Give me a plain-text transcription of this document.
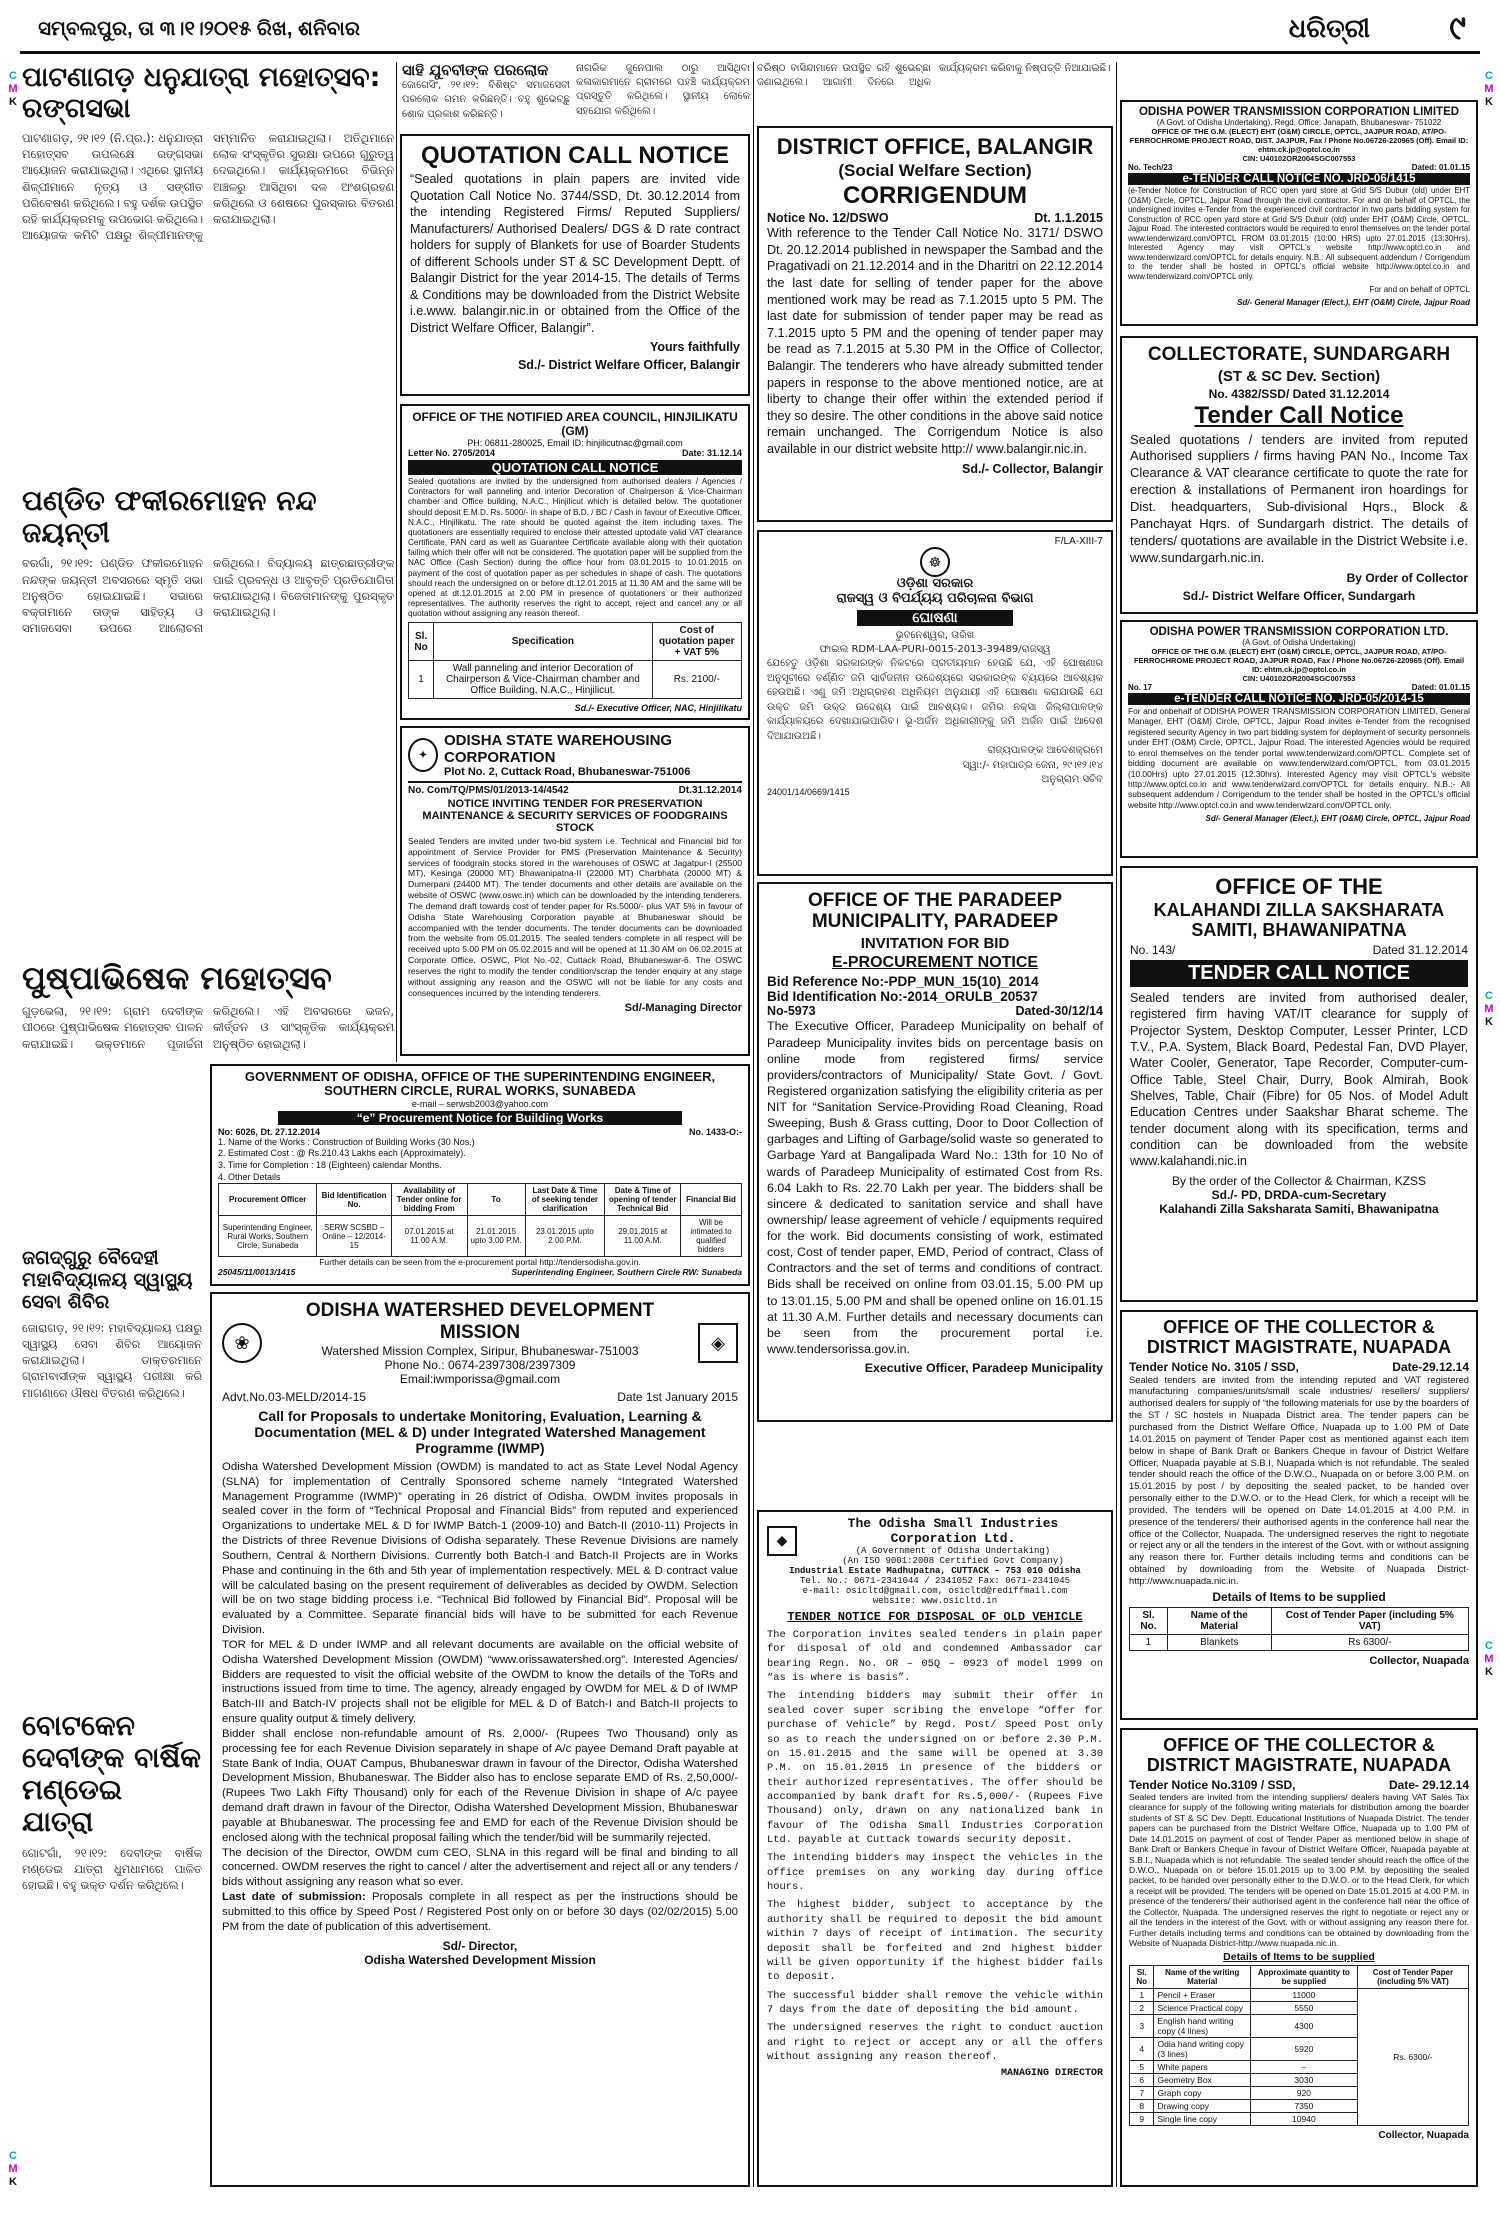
ସମ୍ବଲପୁର, ତା ୩।୧।୨୦୧୫ ରିଖ, ଶନିବାର	ଧରିତ୍ରୀ ୯
C
M
K
C
M
K
C
M
K
C
M
K
C
M
K
ପାଟଣାଗଡ଼ ଧନୁଯାତ୍ରା ମହୋତ୍ସବ: ରଙ୍ଗସଭା
ପାଟଣାଗଡ଼, ୨୧।୧୨ (ନି.ପ୍ର.): ଧନୁଯାତ୍ରା ମହୋତ୍ସବ ଉପଲକ୍ଷେ ରଙ୍ଗସଭା ଆୟୋଜନ କରାଯାଇଥିଲା। ଏଥିରେ ସ୍ଥାନୀୟ ଶିଳ୍ପୀମାନେ ନୃତ୍ୟ ଓ ସଙ୍ଗୀତ ପରିବେଷଣ କରିଥିଲେ। ବହୁ ଦର୍ଶକ ଉପସ୍ଥିତ ରହି କାର୍ଯ୍ୟକ୍ରମକୁ ଉପଭୋଗ କରିଥିଲେ। ଆୟୋଜକ କମିଟି ପକ୍ଷରୁ ଶିଳ୍ପୀମାନଙ୍କୁ ସମ୍ମାନିତ କରାଯାଇଥିଲା। ଅତିଥିମାନେ ଲୋକ ସଂସ୍କୃତିର ସୁରକ୍ଷା ଉପରେ ଗୁରୁତ୍ୱ ଦେଇଥିଲେ। କାର୍ଯ୍ୟକ୍ରମରେ ବିଭିନ୍ନ ଅଞ୍ଚଳରୁ ଆସିଥିବା ଦଳ ଅଂଶଗ୍ରହଣ କରିଥିଲେ ଓ ଶେଷରେ ପୁରସ୍କାର ବିତରଣ କରାଯାଇଥିଲା।
ପଣ୍ଡିତ ଫକୀରମୋହନ ନନ୍ଦ ଜୟନ୍ତୀ
ବରଗାଁ, ୨୧।୧୨: ପଣ୍ଡିତ ଫକୀରମୋହନ ନନ୍ଦଙ୍କ ଜୟନ୍ତୀ ଅବସରରେ ସ୍ମୃତି ସଭା ଅନୁଷ୍ଠିତ ହୋଇଯାଇଛି। ସଭାରେ ବକ୍ତାମାନେ ତାଙ୍କ ସାହିତ୍ୟ ଓ ସମାଜସେବା ଉପରେ ଆଲୋଚନା କରିଥିଲେ। ବିଦ୍ୟାଳୟ ଛାତ୍ରଛାତ୍ରୀଙ୍କ ପାଇଁ ପ୍ରବନ୍ଧ ଓ ଆବୃତ୍ତି ପ୍ରତିଯୋଗିତା କରାଯାଇଥିଲା। ବିଜେତାମାନଙ୍କୁ ପୁରସ୍କୃତ କରାଯାଇଥିଲା।
ପୁଷ୍ପାଭିଷେକ ମହୋତ୍ସବ
ଗୁଡ଼ଭେଲା, ୨୧।୧୨: ଗ୍ରାମ ଦେବୀଙ୍କ ପୀଠରେ ପୁଷ୍ପାଭିଷେକ ମହୋତ୍ସବ ପାଳନ କରାଯାଇଛି। ଭକ୍ତମାନେ ପୂଜାର୍ଚ୍ଚନା କରିଥିଲେ। ଏହି ଅବସରରେ ଭଜନ, କୀର୍ତ୍ତନ ଓ ସାଂସ୍କୃତିକ କାର୍ଯ୍ୟକ୍ରମ ଅନୁଷ୍ଠିତ ହୋଇଥିଲା।
ଜଗଦ୍ଗୁରୁ ବୈଦେହୀ ମହାବିଦ୍ୟାଳୟ ସ୍ୱାସ୍ଥ୍ୟ ସେବା ଶିବିର
ଜୋରାଗଡ଼, ୨୧।୧୨: ମହାବିଦ୍ୟାଳୟ ପକ୍ଷରୁ ସ୍ୱାସ୍ଥ୍ୟ ସେବା ଶିବିର ଆୟୋଜନ କରାଯାଇଥିଲା। ଡାକ୍ତରମାନେ ଗ୍ରାମବାସୀଙ୍କ ସ୍ୱାସ୍ଥ୍ୟ ପରୀକ୍ଷା କରି ମାଗଣାରେ ଔଷଧ ବିତରଣ କରିଥିଲେ।
ବୋଟକେନ ଦେବୀଙ୍କ ବାର୍ଷିକ ମଣ୍ଡେଇ ଯାତ୍ରା
ଗୋଟଗାଁ, ୨୧।୧୨: ଦେବୀଙ୍କ ବାର୍ଷିକ ମଣ୍ଡେଇ ଯାତ୍ରା ଧୁମଧାମରେ ପାଳିତ ହୋଇଛି। ବହୁ ଭକ୍ତ ଦର୍ଶନ କରିଥିଲେ।
ସାହି ଯୁବବୀଙ୍କ ପରଲୋକ
ଜୋଗେସିଂ, ୨୧।୧୨: ବିଶିଷ୍ଟ ସମାଜସେବୀ ପରଲୋକ ଗମନ କରିଛନ୍ତି। ବହୁ ଶୁଭେଚ୍ଛୁ ଶୋକ ପ୍ରକାଶ କରିଛନ୍ତି।
ନାଗରିକ ଜୁନେପାଲ ଠାରୁ ଆସିଥିବା କଳାକାରମାନେ ଗ୍ରାମରେ ପହଞ୍ଚି କାର୍ଯ୍ୟକ୍ରମ ପ୍ରସ୍ତୁତି କରିଥିଲେ। ସ୍ଥାନୀୟ ଲୋକେ ସହଯୋଗ କରିଥିଲେ।
ବରିଷ୍ଠ ବାସିନ୍ଦାମାନେ ଉପସ୍ଥିତ ରହି ଶୁଭେଚ୍ଛା ଜଣାଇଥିଲେ। ଆଗାମୀ ଦିନରେ ଅଧିକ କାର୍ଯ୍ୟକ୍ରମ କରିବାକୁ ନିଷ୍ପତ୍ତି ନିଆଯାଇଛି।
QUOTATION CALL NOTICE

“Sealed quotations in plain papers are invited vide Quotation Call Notice No. 3744/SSD, Dt. 30.12.2014 from the intending Registered Firms/ Reputed Suppliers/ Manufacturers/ Authorised Dealers/ DGS & D rate contract holders for supply of Blankets for use of Boarder Students of different Schools under ST & SC Development Deptt. of Balangir District for the year 2014-15. The details of Terms & Conditions may be downloaded from the District Website i.e.www. balangir.nic.in or obtained from the Office of the District Welfare Officer, Balangir”.

Yours faithfully
Sd./- District Welfare Officer, Balangir
OFFICE OF THE NOTIFIED AREA COUNCIL, HINJILIKATU (GM)
PH: 06811-280025, Email ID: hinjilicutnac@gmail.com
Letter No. 2705/2014	Date: 31.12.14
QUOTATION CALL NOTICE
Sealed quotations are invited by the undersigned from authorised dealers / Agencies / Contractors for wall panneling and interior Decoration of Chairperson & Vice-Chairman chamber and Office building, N.A.C., Hinjilicut which is detailed below. The quotationer should deposit E.M.D. Rs. 5000/- in shape of B.D. / BC / Cash in favour of Executive Officer, N.A.C., Hinjilikatu. The rate should be quoted against the item including taxes. The quotationers are essentially required to enclose their attested uptodate valid VAT clearance Certificate, PAN card as well as Guarantee Certificate available along with their quotation failing which their offer will not be considered. The quotation paper will be supplied from the NAC Office (Cash Section) during the office hour from 03.01.2015 to 10.01.2015 on payment of the cost of quotation paper as per schedules in shape of cash. The quotations should reach the undersigned on or before dt.12.01.2015 at 11.30 AM and the same will be opened at dt.12.01.2015 at 2.00 PM in presence of quotationers or their authorized representatives. The authority reserves the right to accept, reject and cancel any or all quotation without assigning any reason thereof.
Sl. No	Specification	Cost of quotation paper + VAT 5%
1	Wall panneling and interior Decoration of Chairperson & Vice-Chairman chamber and Office Building, N.A.C., Hinjilicut.	Rs. 2100/-
Sd./- Executive Officer, NAC, Hinjilikatu
✦
ODISHA STATE WAREHOUSING CORPORATION
Plot No. 2, Cuttack Road, Bhubaneswar-751006
No. Com/TQ/PMS/01/2013-14/4542	Dt.31.12.2014
NOTICE INVITING TENDER FOR PRESERVATION MAINTENANCE & SECURITY SERVICES OF FOODGRAINS STOCK
Sealed Tenders are invited under two-bid system i.e. Technical and Financial bid for appointment of Service Provider for PMS (Preservation Maintenance & Security) services of foodgrain stocks stored in the warehouses of OSWC at Jagatpur-I (25500 MT), Kesinga (20000 MT) Bhawanipatna-II (22000 MT) Charbhata (20000 MT) & Dumerpani (24400 MT). The tender documents and other details are available on the website of OSWC (www.oswc.in) which can be downloaded by the intending tenderers. The demand draft towards cost of tender paper for Rs.5000/- plus VAT 5% in favour of Odisha State Warehousing Corporation payable at Bhubaneswar should be accompanied with the tender documents. The tender documents can be downloaded from the website from 05.01.2015. The sealed tenders complete in all respect will be received upto 5.00 PM on 05.02.2015 and will be opened at 11.30 AM on 06.02.2015 at Corporate Office, OSWC, Plot No.-02, Cuttack Road, Bhubaneswar-6. The OSWC reserves the right to modify the tender condition/scrap the tender enquiry at any stage without assigning any reason and the OSWC will not be liable for any costs and consequences incurred by the intending tenderers.
Sd/-Managing Director
GOVERNMENT OF ODISHA, OFFICE OF THE SUPERINTENDING ENGINEER, SOUTHERN CIRCLE, RURAL WORKS, SUNABEDA
e-mail – serwsb2003@yahoo.com
“e” Procurement Notice for Building Works
No: 6026, Dt. 27.12.2014	No. 1433-O:-
1. Name of the Works : Construction of Building Works (30 Nos.)
2. Estimated Cost : @ Rs.210.43 Lakhs each (Approximately).
3. Time for Completion : 18 (Eighteen) calendar Months.
4. Other Details
Procurement Officer	Bid Identification No.	Availability of Tender online for bidding From	To	Last Date & Time of seeking tender clarification	Date & Time of opening of tender Technical Bid	Financial Bid
Superintending Engineer, Rural Works, Southern Circle, Sunabeda	SERW SCSBD – Online – 12/2014-15	07.01.2015 at 11.00 A.M.	21.01.2015 upto 3.00 P.M.	23.01.2015 upto 2.00 P.M.	29.01.2015 at 11.00 A.M.	Will be intimated to qualified bidders
Further details can be seen from the e-procurement portal http://tendersodisha.gov.in.
25045/11/0013/1415	Superintending Engineer, Southern Circle RW: Sunabeda
❀
ODISHA WATERSHED DEVELOPMENT MISSION
Watershed Mission Complex, Siripur, Bhubaneswar-751003
Phone No.: 0674-2397308/2397309
Email:iwmporissa@gmail.com
◈
Advt.No.03-MELD/2014-15	Date 1st January 2015
Call for Proposals to undertake Monitoring, Evaluation, Learning & Documentation (MEL & D) under Integrated Watershed Management Programme (IWMP)

Odisha Watershed Development Mission (OWDM) is mandated to act as State Level Nodal Agency (SLNA) for implementation of Centrally Sponsored scheme namely “Integrated Watershed Management Programme (IWMP)” operating in 26 district of Odisha. OWDM invites proposals in sealed cover in the form of “Technical Proposal and Financial Bids” from reputed and experienced Organizations to undertake MEL & D for IWMP Batch-1 (2009-10) and Batch-II (2010-11) Projects in the Districts of three Revenue Divisions of Odisha separately. These Revenue Divisions are namely Southern, Central & Northern Divisions. Currently both Batch-I and Batch-II Projects are in Works Phase and continuing in the 6th and 5th year of implementation respectively. MEL & D contract value will be calculated basing on the present requirement of deliverables as decided by OWDM. Selection will be on two stage bidding process i.e. “Technical Bid followed by Financial Bid”. Proposal will be evaluated by a Committee. Separate financial bids will have to be submitted for each Revenue Division.

TOR for MEL & D under IWMP and all relevant documents are available on the official website of Odisha Watershed Development Mission (OWDM) “www.orissawatershed.org”. Interested Agencies/ Bidders are requested to visit the official website of the OWDM to know the details of the ToRs and instructions issued from time to time. The agency, already engaged by OWDM for MEL & D of IWMP Batch-III and Batch-IV projects shall not be eligible for MEL & D of Batch-I and Batch-II projects to ensure quality output & timely delivery.

Bidder shall enclose non-refundable amount of Rs. 2,000/- (Rupees Two Thousand) only as processing fee for each Revenue Division separately in shape of A/c payee Demand Draft payable at State Bank of India, OUAT Campus, Bhubaneswar drawn in favour of the Director, Odisha Watershed Development Mission, Bhubaneswar. The Bidder also has to enclose separate EMD of Rs. 2,50,000/- (Rupees Two Lakh Fifty Thousand) only for each of the Revenue Division in shape of A/c payee demand draft drawn in favour of the Director, Odisha Watershed Development Mission, Bhubaneswar payable at Bhubaneswar. The processing fee and EMD for each of the Revenue Division should be enclosed along with the technical proposal failing which the tender/bid will be summarily rejected.

The decision of the Director, OWDM cum CEO, SLNA in this regard will be final and binding to all concerned. OWDM reserves the right to cancel / alter the advertisement and reject all or any tenders / bids without assigning any reason what so ever.

Last date of submission: Proposals complete in all respect as per the instructions should be submitted to this office by Speed Post / Registered Post only on or before 30 days (02/02/2015) 5.00 PM from the date of publication of this advertisement.

Sd/- Director,
Odisha Watershed Development Mission
DISTRICT OFFICE, BALANGIR
(Social Welfare Section)
CORRIGENDUM
Notice No. 12/DSWO	Dt. 1.1.2015

With reference to the Tender Call Notice No. 3171/ DSWO Dt. 20.12.2014 published in newspaper the Sambad and the Pragativadi on 21.12.2014 and in the Dharitri on 22.12.2014 the last date for selling of tender paper for the above mentioned work may be read as 7.1.2015 upto 5 PM. The last date for submission of tender paper may be read as 7.1.2015 upto 5 PM and the opening of tender paper may be read as 7.1.2015 at 5.30 PM in the Office of Collector, Balangir. The tenderers who have already submitted tender papers in response to the above mentioned notice, are at liberty to change their offer within the extended period if they so desire. The other conditions in the above said notice remain unchanged. The Corrigendum Notice is also available in our district website http:// www.balangir.nic.in.

Sd./- Collector, Balangir
F/LA-XIII-7
☸
ଓଡ଼ିଶା ସରକାର
ରାଜସ୍ୱ ଓ ବିପର୍ଯ୍ୟୟ ପରିଚାଳନା ବିଭାଗ
ଘୋଷଣା
ଭୁବନେଶ୍ୱର, ତାରିଖ
ଫାଇଲ RDM-LAA-PURI-0015-2013-39489/ରାଜସ୍ୱ
ଯେହେତୁ ଓଡ଼ିଶା ସରକାରଙ୍କ ନିକଟରେ ପ୍ରତୀୟମାନ ହେଉଛି ଯେ, ଏହି ଘୋଷଣାର ଅନୁସୂଚୀରେ ବର୍ଣ୍ଣିତ ଜମି ସାର୍ବଜନୀନ ଉଦ୍ଦେଶ୍ୟରେ ସରକାରଙ୍କ ବ୍ୟୟରେ ଆବଶ୍ୟକ ହେଉଅଛି। ଏଣୁ ଜମି ଅଧିଗ୍ରହଣ ଅଧିନିୟମ ଅନୁଯାୟୀ ଏହି ଘୋଷଣା କରାଯାଉଛି ଯେ ଉକ୍ତ ଜମି ଉକ୍ତ ଉଦ୍ଦେଶ୍ୟ ପାଇଁ ଆବଶ୍ୟକ। ଜମିର ନକ୍ସା ଜିଲ୍ଲାପାଳଙ୍କ କାର୍ଯ୍ୟାଳୟରେ ଦେଖାଯାଇପାରିବ। ଭୂ-ଅର୍ଜନ ଅଧିକାରୀଙ୍କୁ ଜମି ଅର୍ଜନ ପାଇଁ ଆଦେଶ ଦିଆଯାଉଅଛି।
ରାଜ୍ୟପାଳଙ୍କ ଆଦେଶକ୍ରମେ
ସ୍ୱା:/- ମହାପାତ୍ର ଜେନା, ୨୯।୧୨।୧୪
ଅନୁଗ୍ରାମ ସଚିବ
24001/14/0669/1415
OFFICE OF THE PARADEEP MUNICIPALITY, PARADEEP
INVITATION FOR BID
E-PROCUREMENT NOTICE
Bid Reference No:-PDP_MUN_15(10)_2014
Bid Identification No:-2014_ORULB_20537
No-5973	Dated-30/12/14

The Executive Officer, Paradeep Municipality on behalf of Paradeep Municipality invites bids on percentage basis on online mode from registered firms/ service providers/contractors of Municipality/ State Govt. / Govt. Registered organization satisfying the eligibility criteria as per NIT for “Sanitation Service-Providing Road Cleaning, Road Sweeping, Bush & Grass cutting, Door to Door Collection of garbages and Lifting of Garbage/solid waste so generated to Garbage Yard at Bangalipada Ward No.: 13th for 10 No of wards of Paradeep Municipality of estimated Cost from Rs. 6.04 Lakh to Rs. 22.70 Lakh per year. The bidders shall be sincere & dedicated to sanitation service and shall have ownership/ lease agreement of vehicle / equipments required for the work. Bid documents consisting of work, estimated cost, Cost of tender paper, EMD, Period of contract, Class of Contractors and the set of terms and conditions of contract. Bids shall be received on online from 03.01.15, 5.00 PM up to 13.01.15, 5.00 PM and shall be opened online on 16.01.15 at 11.30 A.M. Further details and necessary documents can be seen from the procurement portal i.e. www.tendersorissa.gov.in.

Executive Officer, Paradeep Municipality
◆
The Odisha Small Industries Corporation Ltd.
(A Government of Odisha Undertaking)
(An ISO 9001:2008 Certified Govt Company)
Industrial Estate Madhupatna, CUTTACK – 753 010 Odisha
Tel. No.: 0671-2341044 / 2341052 Fax: 0671-2341045
e-mail: osicltd@gmail.com, osicltd@rediffmail.com
website: www.osicltd.in
TENDER NOTICE FOR DISPOSAL OF OLD VEHICLE

The Corporation invites sealed tenders in plain paper for disposal of old and condemned Ambassador car bearing Regn. No. OR – 05Q – 0923 of model 1999 on “as is where is basis”.

The intending bidders may submit their offer in sealed cover super scribing the envelope “Offer for purchase of Vehicle” by Regd. Post/ Speed Post only so as to reach the undersigned on or before 2.30 P.M. on 15.01.2015 and the same will be opened at 3.30 P.M. on 15.01.2015 in presence of the bidders or their authorized representatives. The offer should be accompanied by bank draft for Rs.5,000/- (Rupees Five Thousand) only, drawn on any nationalized bank in favour of The Odisha Small Industries Corporation Ltd. payable at Cuttack towards security deposit.

The intending bidders may inspect the vehicles in the office premises on any working day during office hours.

The highest bidder, subject to acceptance by the authority shall be required to deposit the bid amount within 7 days of receipt of intimation. The security deposit shall be forfeited and 2nd highest bidder will be given opportunity if the highest bidder fails to deposit.

The successful bidder shall remove the vehicle within 7 days from the date of depositing the bid amount.

The undersigned reserves the right to conduct auction and right to reject or accept any or all the offers without assigning any reason thereof.

MANAGING DIRECTOR
ODISHA POWER TRANSMISSION CORPORATION LIMITED
(A Govt. of Odisha Undertaking), Regd. Office: Janapath, Bhubaneswar- 751022
OFFICE OF THE G.M. (ELECT) EHT (O&M) CIRCLE, OPTCL, JAJPUR ROAD, AT/PO- FERROCHROME PROJECT ROAD, DIST. JAJPUR, Fax / Phone No.06726-220965 (Off). Email ID: ehtm.ck.jp@optcl.co.in
CIN: U40102OR2004SGC007553
No. Tech/23	Dated: 01.01.15
e-TENDER CALL NOTICE NO. JRD-06/1415
(e-Tender Notice for Construction of RCC open yard store at Grid S/S Dubuir (old) under EHT (O&M) Circle, OPTCL, Jajpur Road through the civil contractor. For and on behalf of OPTCL, the undersigned invites e-Tender from the experienced civil contractor in two parts bidding system for Construction of RCC open yard store at Grid S/S Dubuir (old) under EHT (O&M) Circle, OPTCL, Jajpur Road. The interested contractors would be required to enrol themselves on the tender portal www.tenderwizard.com/OPTCL FROM 03.01.2015 (10:00 HRS) upto 27.01.2015 (13:30Hrs). Interested Agency may visit OPTCL's website http://www.optcl.co.in and www.tenderwizard.com/OPTCL for details enquiry. N.B.: All subsequent addendum / Corrigendum to the tender shall be hosted in OPTCL's official website http://www.optcl.co.in and www.tenderwizard.com/OPTCL only.
For and on behalf of OPTCL
Sd/- General Manager (Elect.), EHT (O&M) Circle, Jajpur Road
COLLECTORATE, SUNDARGARH
(ST & SC Dev. Section)
No. 4382/SSD/ Dated 31.12.2014
Tender Call Notice

Sealed quotations / tenders are invited from reputed Authorised suppliers / firms having PAN No., Income Tax Clearance & VAT clearance certificate to quote the rate for erection & installations of Permanent iron hoardings for Dist. headquarters, Sub-divisional Hqrs., Block & Panchayat Hqrs. of Sundargarh district. The details of tenders/ quotations are available in the District Website i.e. www.sundargarh.nic.in.

By Order of Collector
Sd./- District Welfare Officer, Sundargarh
ODISHA POWER TRANSMISSION CORPORATION LTD.
(A Govt. of Odisha Undertaking)
OFFICE OF THE G.M. (ELECT) EHT (O&M) CIRCLE, OPTCL, JAJPUR ROAD, AT/PO- FERROCHROME PROJECT ROAD, JAJPUR ROAD, Fax / Phone No.06726-220965 (Off). Email ID: ehtm.ck.jp@optcl.co.in
CIN: U40102OR2004SGC007553
No. 17	Dated: 01.01.15
e-TENDER CALL NOTICE NO. JRD-05/2014-15
For and onbehalf of ODISHA POWER TRANSMISSION CORPORATION LIMITED, General Manager, EHT (O&M) Circle, OPTCL, Jajpur Road invites e-Tender from the recognised registered security Agency in two part bidding system for deployment of security personnels under EHT (O&M) Circle, OPTCL, Jajpur Road. The interested Agencies would be required to enrol themselves on the tender portal www.tenderwizard.com/OPTCL. Complete set of bidding document are available on www.tenderwizard.com/OPTCL, from 03.01.2015 (10.00Hrs) upto 27.01.2015 (12.30hrs). Interested Agency may visit OPTCL's website http://www.optcl.co.in and www.tenderwizard.com/OPTCL for details enquiry. N.B.:- All subsequent addendum / Corrigendum to the tender shall be hosted in the OPTCL's official website http://www.optcl.co.in and www.tenderwizard.com/OPTCL only.
Sd/- General Manager (Elect.), EHT (O&M) Circle, OPTCL, Jajpur Road
OFFICE OF THE
KALAHANDI ZILLA SAKSHARATA SAMITI, BHAWANIPATNA
No. 143/	Dated 31.12.2014
TENDER CALL NOTICE

Sealed tenders are invited from authorised dealer, registered firm having VAT/IT clearance for supply of Projector System, Desktop Computer, Lesser Printer, LCD T.V., P.A. System, Black Board, Pedestal Fan, DVD Player, Water Cooler, Generator, Tape Recorder, Computer-cum-Office Table, Steel Chair, Durry, Book Almirah, Book Shelves, Table, Chair (Fibre) for 05 Nos. of Model Adult Education Centres under Saakshar Bharat scheme. The tender document along with its specification, terms and condition can be downloaded from the website www.kalahandi.nic.in

By the order of the Collector & Chairman, KZSS
Sd./- PD, DRDA-cum-Secretary
Kalahandi Zilla Saksharata Samiti, Bhawanipatna
OFFICE OF THE COLLECTOR & DISTRICT MAGISTRATE, NUAPADA
Tender Notice No. 3105 / SSD,	Date-29.12.14
Sealed tenders are invited from the intending reputed and VAT registered manufacturing companies/units/small scale industries/ resellers/ suppliers/ authorised dealers for supply of “the following materials for use by the boarders of the ST / SC hostels in Nuapada District area. The tender papers can be purchased from the District Welfare Office, Nuapada up to 1.00 PM of Date 14.01.2015 on payment of Tender Paper cost as mentioned against each item below in shape of Bank Draft or Bankers Cheque in favour of District Welfare Officer, Nuapada payable at S.B.I, Nuapada which is not refundable. The sealed tender should reach the office of the D.W.O., Nuapada on or before 3.00 P.M. on 15.01.2015 by post / by depositing the sealed packet, to be handed over personally either to the D.W.O. or to the Head Clerk, for which a receipt will be provided. The tenders will be opened on Date 14.01.2015 at 4.00 P.M. in presence of the tenderers/ their authorised agents in the conference hall near the office of the Collector, Nuapada. The undersigned reserves the right to negotiate or reject any or all the tenders in the interest of the Govt. with or without assigning any reason there for. Further details including terms and conditions can be obtained by downloading from the Website of Nuapada District-http://www.nuapada.nic.in.
Details of Items to be supplied
Sl. No.	Name of the Material	Cost of Tender Paper (including 5% VAT)
1	Blankets	Rs 6300/-
Collector, Nuapada
OFFICE OF THE COLLECTOR & DISTRICT MAGISTRATE, NUAPADA
Tender Notice No.3109 / SSD,	Date- 29.12.14
Sealed tenders are invited from the intending suppliers/ dealers having VAT Sales Tax clearance for supply of the following writing materials for distribution among the boarder students of ST & SC Dev. Deptt. Educational Institutions of Nuapada District. The tender papers can be purchased from the District Welfare Office, Nuapada up to 1.00 PM of Date 14.01.2015 on payment of cost of Tender Paper as mentioned below in shape of Bank Draft or Bankers Cheque in favour of District Welfare Officer, Nuapada payable at S.B.I., Nuapada which is not refundable. The sealed tender should reach the office of the D.W.O., Nuapada on or before 15.01.2015 up to 3.00 P.M. by depositing the sealed packet, to be handed over personally either to the D.W.O. or to the Head Clerk, for which a receipt will be provided. The tenders will be opened on Date 15.01.2015 at 4.00 P.M. in presence of the tenderers/ their authorised agent in the conference hall near the office of the Collector, Nuapada. The undersigned reserves the right to negotiate or reject any or all the tenders in the interest of the Govt. with or without assigning any reason there for. Further details including terms and conditions can be obtained by downloading from the Website of Nuapada District-http://www.nuapada.nic.in.
Details of Items to be supplied
Sl. No	Name of the writing Material	Approximate quantity to be supplied	Cost of Tender Paper (including 5% VAT)
1	Pencil + Eraser	11000	Rs. 6300/-
2	Science Practical copy	5550	
3	English hand writing copy (4 lines)	4300	
4	Odia hand writing copy (3 lines)	5920	
5	White papers	–	
6	Geometry Box	3030	
7	Graph copy	920	
8	Drawing copy	7350	
9	Single line copy	10940	
Collector, Nuapada
